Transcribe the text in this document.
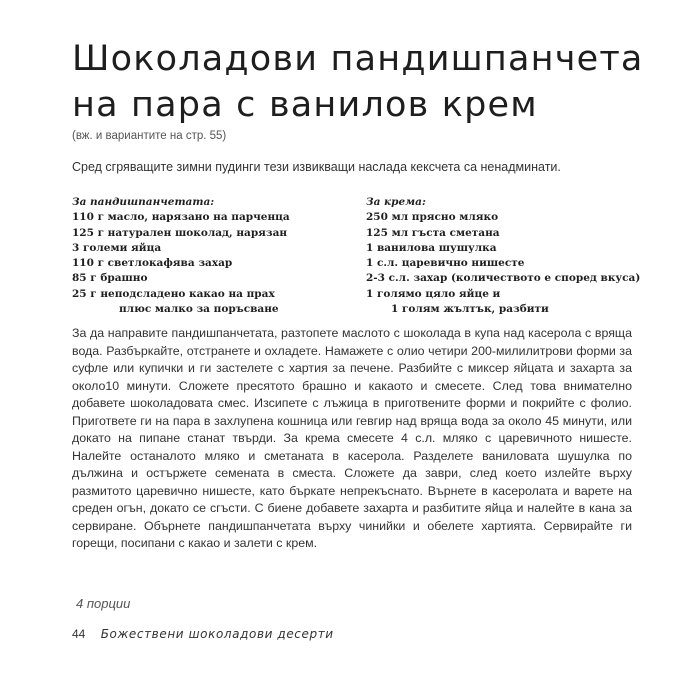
Шоколадови пандишпанчета
на пара с ванилов крем
(вж. и вариантите на стр. 55)
Сред сгряващите зимни пудинги тези извикващи наслада кексчета са ненадминати.
За пандишпанчетата:
110 г масло, нарязано на парченца
125 г натурален шоколад, нарязан
3 големи яйца
110 г светлокафява захар
85 г брашно
25 г неподсладено какао на прах
плюс малко за поръсване
За крема:
250 мл прясно мляко
125 мл гъста сметана
1 ванилова шушулка
1 с.л. царевично нишесте
2-3 с.л. захар (количеството е според вкуса)
1 голямо цяло яйце и
1 голям жълтък, разбити

За да направите пандишпанчетата, разтопете маслото с шоколада в купа над касерола с вряща вода. Разбъркайте, отстранете и охладете. Намажете с олио четири 200-милилитрови форми за суфле или купички и ги застелете с хартия за печене. Разбийте с миксер яйцата и захарта за около10 минути. Сложете пресятото брашно и какаото и смесете. След това внимателно добавете шоколадовата смес. Изсипете с лъжица в приготвените форми и покрийте с фолио. Пригответе ги на пара в захлупена кошница или гевгир над вряща вода за около 45 минути, или докато на пипане станат твърди. За крема смесете 4 с.л. мляко с царевичното нишесте. Налейте останалото мляко и сметаната в касерола. Разделете ваниловата шушулка по дължина и остържете семената в сместа. Сложете да заври, след което излейте върху размитото царевично нишесте, като бъркате непрекъснато. Върнете в касеролата и варете на среден огън, докато се сгъсти. С биене добавете захарта и разбитите яйца и налейте в кана за сервиране. Обърнете пандишпанчетата върху чинийки и обелете хартията. Сервирайте ги горещи, посипани с какао и залети с крем.

4 порции
44 Божествени шоколадови десерти
